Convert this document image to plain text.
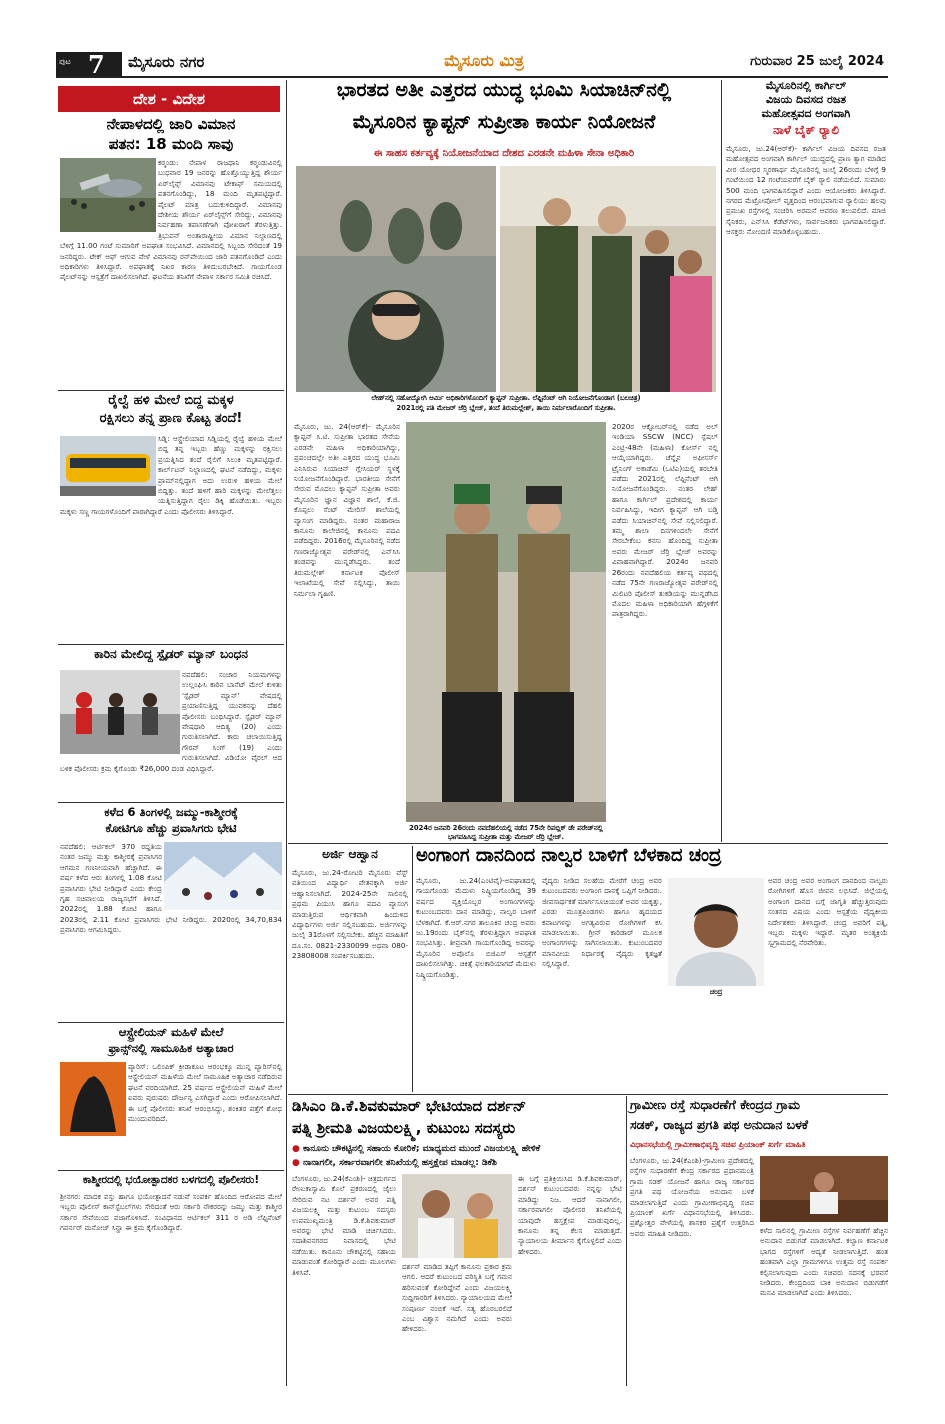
ಪುಟ 7 ಮೈಸೂರು ನಗರ	ಮೈಸೂರು ಮಿತ್ರ	ಗುರುವಾರ 25 ಜುಲೈ 2024
ದೇಶ - ವಿದೇಶ
ನೇಪಾಳದಲ್ಲಿ ಜಾರಿ ವಿಮಾನ
ಪತನ: 18 ಮಂದಿ ಸಾವು
ಕಠ್ಮಂಡು: ನೇಪಾಳ ರಾಜಧಾನಿ ಕಠ್ಮಂಡುವಿನಲ್ಲಿ ಬುಧವಾರ 19 ಜನರನ್ನು ಹೊತ್ತೊಯ್ಯುತ್ತಿದ್ದ ಶೌರ್ಯ ಏರ್‌ಲೈನ್ಸ್ ವಿಮಾನವು ಟೇಕಾಫ್ ಸಮಯದಲ್ಲಿ ಪತನಗೊಂಡಿದ್ದು, 18 ಮಂದಿ ಮೃತಪಟ್ಟಿದ್ದಾರೆ. ಪೈಲಟ್ ಮಾತ್ರ ಬದುಕುಳಿದಿದ್ದಾರೆ. ವಿಮಾನವು ದೇಶೀಯ ಶೌರ್ಯ ಏರ್‌ಲೈನ್ಸ್‌ಗೆ ಸೇರಿದ್ದು, ವಿಮಾನವು ನಿರ್ವಹಣಾ ತಪಾಸಣೆಗಾಗಿ ಪೋಖರಾಗೆ ತೆರಳುತ್ತಿತ್ತು. ತ್ರಿಭುವನ್ ಅಂತಾರಾಷ್ಟ್ರೀಯ ವಿಮಾನ ನಿಲ್ದಾಣದಲ್ಲಿ ಬೆಳಿಗ್ಗೆ 11.00 ಗಂಟೆ ಸುಮಾರಿಗೆ ಅಪಘಾತ ಸಂಭವಿಸಿದೆ. ವಿಮಾನದಲ್ಲಿ ಸಿಬ್ಬಂದಿ ಸೇರಿದಂತೆ 19 ಜನರಿದ್ದರು. ಟೇಕ್ ಆಫ್ ಆಗುವ ವೇಳೆ ವಿಮಾನವು ರನ್‌ವೇಯಿಂದ ಜಾರಿ ಪತನಗೊಂಡಿದೆ ಎಂದು ಅಧಿಕಾರಿಗಳು ತಿಳಿಸಿದ್ದಾರೆ. ಅಪಘಾತಕ್ಕೆ ನಿಖರ ಕಾರಣ ತಿಳಿದುಬರಬೇಕಿದೆ. ಗಾಯಗೊಂಡ ಪೈಲಟ್‌ನನ್ನು ಆಸ್ಪತ್ರೆಗೆ ದಾಖಲಿಸಲಾಗಿದೆ. ಘಟನೆಯ ತನಿಖೆಗೆ ನೇಪಾಳ ಸರ್ಕಾರ ಸಮಿತಿ ರಚಿಸಿದೆ.
ರೈಲ್ವೆ ಹಳಿ ಮೇಲೆ ಬಿದ್ದ ಮಕ್ಕಳ
ರಕ್ಷಿಸಲು ತನ್ನ ಪ್ರಾಣ ಕೊಟ್ಟ ತಂದೆ!
ಸಿಡ್ನಿ: ಆಸ್ಟ್ರೇಲಿಯಾದ ಸಿಡ್ನಿಯಲ್ಲಿ ರೈಲ್ವೆ ಹಳಿಯ ಮೇಲೆ ಬಿದ್ದ ತನ್ನ ಇಬ್ಬರು ಹೆಣ್ಣು ಮಕ್ಕಳನ್ನು ರಕ್ಷಿಸಲು ಪ್ರಯತ್ನಿಸಿದ ತಂದೆ ರೈಲಿಗೆ ಸಿಲುಕಿ ಮೃತಪಟ್ಟಿದ್ದಾರೆ. ಕಾರ್ಲ್‌ಟನ್ ನಿಲ್ದಾಣದಲ್ಲಿ ಘಟನೆ ನಡೆದಿದ್ದು, ಮಕ್ಕಳು ಪ್ರಾಮ್‌ನಲ್ಲಿದ್ದಾಗ ಅದು ಉರುಳಿ ಹಳಿಯ ಮೇಲೆ ಬಿದ್ದಿತ್ತು. ತಂದೆ ಹಳಿಗೆ ಹಾರಿ ಮಕ್ಕಳನ್ನು ಮೇಲೆತ್ತಲು ಯತ್ನಿಸುತ್ತಿದ್ದಾಗ ರೈಲು ಡಿಕ್ಕಿ ಹೊಡೆಯಿತು. ಇಬ್ಬರು ಮಕ್ಕಳು ಸಣ್ಣ ಗಾಯಗಳೊಂದಿಗೆ ಪಾರಾಗಿದ್ದಾರೆ ಎಂದು ಪೊಲೀಸರು ತಿಳಿಸಿದ್ದಾರೆ.
ಕಾರಿನ ಮೇಲಿದ್ದ ಸ್ಪೈಡರ್ ಮ್ಯಾನ್ ಬಂಧನ
ನವದೆಹಲಿ: ಸಂಚಾರ ನಿಯಮಗಳನ್ನು ಉಲ್ಲಂಘಿಸಿ ಕಾರಿನ ಬಾನೆಟ್ ಮೇಲೆ ಕುಳಿತು 'ಸ್ಪೈಡರ್ ಮ್ಯಾನ್' ವೇಷದಲ್ಲಿ ಪ್ರಯಾಣಿಸುತ್ತಿದ್ದ ಯುವಕನನ್ನು ದೆಹಲಿ ಪೊಲೀಸರು ಬಂಧಿಸಿದ್ದಾರೆ. ಸ್ಪೈಡರ್ ಮ್ಯಾನ್ ವೇಷಧಾರಿ ಆದಿತ್ಯ (20) ಎಂದು ಗುರುತಿಸಲಾಗಿದೆ. ಕಾರು ಚಲಾಯಿಸುತ್ತಿದ್ದ ಗೌರವ್ ಸಿಂಗ್ (19) ಎಂದು ಗುರುತಿಸಲಾಗಿದೆ. ವಿಡಿಯೋ ವೈರಲ್ ಆದ ಬಳಿಕ ಪೊಲೀಸರು ಕ್ರಮ ಕೈಗೊಂಡು ₹26,000 ದಂಡ ವಿಧಿಸಿದ್ದಾರೆ.
ಕಳೆದ 6 ತಿಂಗಳಲ್ಲಿ ಜಮ್ಮು-ಕಾಶ್ಮೀರಕ್ಕೆ
ಕೋಟಿಗೂ ಹೆಚ್ಚು ಪ್ರವಾಸಿಗರು ಭೇಟಿ
ನವದೆಹಲಿ: ಆರ್ಟಿಕಲ್ 370 ರದ್ದತಿಯ ನಂತರ ಜಮ್ಮು ಮತ್ತು ಕಾಶ್ಮೀರಕ್ಕೆ ಪ್ರವಾಸಿಗರ ಆಗಮನ ಗಣನೀಯವಾಗಿ ಹೆಚ್ಚಾಗಿದೆ. ಈ ವರ್ಷ ಕಳೆದ ಆರು ತಿಂಗಳಲ್ಲಿ 1.08 ಕೋಟಿ ಪ್ರವಾಸಿಗರು ಭೇಟಿ ನೀಡಿದ್ದಾರೆ ಎಂದು ಕೇಂದ್ರ ಗೃಹ ಸಚಿವಾಲಯ ರಾಜ್ಯಸಭೆಗೆ ತಿಳಿಸಿದೆ. 2022ರಲ್ಲಿ 1.88 ಕೋಟಿ ಹಾಗೂ 2023ರಲ್ಲಿ 2.11 ಕೋಟಿ ಪ್ರವಾಸಿಗರು ಭೇಟಿ ನೀಡಿದ್ದರು. 2020ರಲ್ಲಿ 34,70,834 ಪ್ರವಾಸಿಗರು ಆಗಮಿಸಿದ್ದರು.
ಆಸ್ಟ್ರೇಲಿಯನ್ ಮಹಿಳೆ ಮೇಲೆ
ಫ್ರಾನ್ಸ್‌ನಲ್ಲಿ ಸಾಮೂಹಿಕ ಅತ್ಯಾಚಾರ
ಪ್ಯಾರಿಸ್: ಒಲಿಂಪಿಕ್ ಕ್ರೀಡಾಕೂಟ ಆರಂಭಕ್ಕೂ ಮುನ್ನ ಪ್ಯಾರಿಸ್‌ನಲ್ಲಿ ಆಸ್ಟ್ರೇಲಿಯನ್ ಮಹಿಳೆಯ ಮೇಲೆ ಸಾಮೂಹಿಕ ಅತ್ಯಾಚಾರ ನಡೆದಿರುವ ಘಟನೆ ವರದಿಯಾಗಿದೆ. 25 ವರ್ಷದ ಆಸ್ಟ್ರೇಲಿಯನ್ ಮಹಿಳೆ ಮೇಲೆ ಐವರು ಪುರುಷರು ದೌರ್ಜನ್ಯ ಎಸಗಿದ್ದಾರೆ ಎಂದು ಆರೋಪಿಸಲಾಗಿದೆ. ಈ ಬಗ್ಗೆ ಪೊಲೀಸರು ತನಿಖೆ ಆರಂಭಿಸಿದ್ದು, ಶಂಕಿತರ ಪತ್ತೆಗೆ ಶೋಧ ಮುಂದುವರಿದಿದೆ.
ಕಾಶ್ಮೀರದಲ್ಲಿ ಭಯೋತ್ಪಾದಕರ ಬಳಗದಲ್ಲಿ ಪೊಲೀಸರು!
ಶ್ರೀನಗರ: ಮಾದಕ ವಸ್ತು ಹಾಗೂ ಭಯೋತ್ಪಾದನೆ ನಡುವೆ ಸಂಪರ್ಕ ಹೊಂದಿದ ಆರೋಪದ ಮೇಲೆ ಇಬ್ಬರು ಪೊಲೀಸ್ ಕಾನ್‌ಸ್ಟೆಬಲ್‌ಗಳು ಸೇರಿದಂತೆ ಆರು ಸರ್ಕಾರಿ ನೌಕರರನ್ನು ಜಮ್ಮು ಮತ್ತು ಕಾಶ್ಮೀರ ಸರ್ಕಾರ ಸೇವೆಯಿಂದ ವಜಾಗೊಳಿಸಿದೆ. ಸಂವಿಧಾನದ ಆರ್ಟಿಕಲ್ 311 ರ ಅಡಿ ಲೆಫ್ಟಿನೆಂಟ್ ಗವರ್ನರ್ ಮನೋಜ್ ಸಿನ್ಹಾ ಈ ಕ್ರಮ ಕೈಗೊಂಡಿದ್ದಾರೆ.
ಭಾರತದ ಅತೀ ಎತ್ತರದ ಯುದ್ಧ ಭೂಮಿ ಸಿಯಾಚಿನ್‌ನಲ್ಲಿ
ಮೈಸೂರಿನ ಕ್ಯಾಪ್ಟನ್ ಸುಪ್ರೀತಾ ಕಾರ್ಯ ನಿಯೋಜನೆ
ಈ ಸಾಹಸ ಕರ್ತವ್ಯಕ್ಕೆ ನಿಯೋಜನೆಯಾದ ದೇಶದ ಎರಡನೇ ಮಹಿಳಾ ಸೇನಾ ಅಧಿಕಾರಿ
ಲೇಹ್‌ನಲ್ಲಿ ಸಹೋದ್ಯೋಗಿ ಆರ್ಮಿ ಅಧಿಕಾರಿಗಳೊಂದಿಗೆ ಕ್ಯಾಪ್ಟನ್ ಸುಪ್ರೀತಾ. ಲೆಫ್ಟಿನೆಂಟ್ ಆಗಿ ನಿಯೋಜನೆಗೊಂಡಾಗ (ಬಲಚಿತ್ರ)
2021ರಲ್ಲಿ ಪತಿ ಮೇಜರ್ ಜೆರ್ರಿ ಬ್ಲೇಜ್, ತಂದೆ ತಿರುಮಲ್ಲೇಶ್, ತಾಯಿ ನಿರ್ಮಲಾರೊಂದಿಗೆ ಸುಪ್ರೀತಾ.
ಮೈಸೂರು, ಜು. 24(ಆರ್‌ಕೆ)- ಮೈಸೂರಿನ ಕ್ಯಾಪ್ಟನ್ ಸಿ.ಟಿ. ಸುಪ್ರೀತಾ ಭಾರತದ ಸೇನೆಯ ಎರಡನೇ ಮಹಿಳಾ ಅಧಿಕಾರಿಯಾಗಿದ್ದು, ಪ್ರಪಂಚದಲ್ಲೇ ಅತೀ ಎತ್ತರದ ಯುದ್ಧ ಭೂಮಿ ಎನಿಸಿರುವ ಸಿಯಾಚಿನ್ ಗ್ಲೇಸಿಯರ್ ಸ್ಥಳಕ್ಕೆ ನಿಯೋಜನೆಗೊಂಡಿದ್ದಾರೆ. ಭಾರತೀಯ ಸೇನೆಗೆ ಸೇರುವ ಮೊದಲು ಕ್ಯಾಪ್ಟನ್ ಸುಪ್ರೀತಾ ಅವರು ಮೈಸೂರಿನ ಜ್ಞಾನ ವಿಜ್ಞಾನ ಶಾಲೆ, ಕೆ.ಜಿ. ಕೊಪ್ಪಲು ಸೆಂಟ್ ಮೇರಿಸ್ ಶಾಲೆಯಲ್ಲಿ ವ್ಯಾಸಂಗ ಮಾಡಿದ್ದರು. ನಂತರ ಮಹಾರಾಜ ಕಾನೂನು ಕಾಲೇಜಿನಲ್ಲಿ ಕಾನೂನು ಪದವಿ ಪಡೆದಿದ್ದರು. 2016ರಲ್ಲಿ ಮೈಸೂರಿನಲ್ಲಿ ನಡೆದ ಗಣರಾಜ್ಯೋತ್ಸವ ಪರೇಡ್‌ನಲ್ಲಿ ಎನ್‌ಸಿಸಿ ತಂಡವನ್ನು ಮುನ್ನಡೆಸಿದ್ದರು. ತಂದೆ ತಿರುಮಲ್ಲೇಶ್ ಕರ್ನಾಟಕ ಪೊಲೀಸ್ ಇಲಾಖೆಯಲ್ಲಿ ಸೇವೆ ಸಲ್ಲಿಸಿದ್ದು, ತಾಯಿ ನಿರ್ಮಲಾ ಗೃಹಿಣಿ.
2024ರ ಜನವರಿ 26ರಂದು ನವದೆಹಲಿಯಲ್ಲಿ ನಡೆದ 75ನೇ ರಿಪಬ್ಲಿಕ್ ಡೇ ಪರೇಡ್‌ನಲ್ಲಿ ಭಾಗವಹಿಸಿದ್ದ ಸುಪ್ರೀತಾ ಮತ್ತು ಮೇಜರ್ ಜೆರ್ರಿ ಬ್ಲೇಜ್.
2020ರ ಆಕ್ಟೋಬರ್‌ನಲ್ಲಿ ನಡೆದ ಅಲ್ ಇಂಡಿಯಾ SSCW (NCC) ಸ್ಪೆಷಲ್ ಎಂಟ್ರಿ-48ನೇ (ಮಹಿಳಾ) ಕೋರ್ಸ್ ನಲ್ಲಿ ಆಯ್ಕೆಯಾಗಿದ್ದರು. ಚೆನ್ನೈನ ಅಫೀಸರ್ಸ್ ಟ್ರೈನಿಂಗ್ ಅಕಾಡೆಮಿ (ಒಟಿಎ)ಯಲ್ಲಿ ತರಬೇತಿ ಪಡೆದು 2021ರಲ್ಲಿ ಲೆಫ್ಟಿನೆಂಟ್ ಆಗಿ ನಿಯೋಜನೆಗೊಂಡಿದ್ದರು. ನಂತರ ಲೇಹ್ ಹಾಗೂ ಕಾರ್ಗಿಲ್ ಪ್ರದೇಶದಲ್ಲಿ ಕಾರ್ಯ ನಿರ್ವಹಿಸಿದ್ದು, ಇದೀಗ ಕ್ಯಾಪ್ಟನ್ ಆಗಿ ಬಡ್ತಿ ಪಡೆದು ಸಿಯಾಚಿನ್‌ನಲ್ಲಿ ಸೇವೆ ಸಲ್ಲಿಸಲಿದ್ದಾರೆ. ತಮ್ಮ ಶಾಲಾ ದಿನಗಳಿಂದಲೇ ಸೇನೆಗೆ ಸೇರಬೇಕೆಂಬ ಕನಸು ಹೊಂದಿದ್ದ ಸುಪ್ರೀತಾ ಅವರು ಮೇಜರ್ ಜೆರ್ರಿ ಬ್ಲೇಜ್ ಅವರನ್ನು ವಿವಾಹವಾಗಿದ್ದಾರೆ. 2024ರ ಜನವರಿ 26ರಂದು ನವದೆಹಲಿಯ ಕರ್ತವ್ಯ ಪಥದಲ್ಲಿ ನಡೆದ 75ನೇ ಗಣರಾಜ್ಯೋತ್ಸವ ಪರೇಡ್‌ನಲ್ಲಿ ಮಿಲಿಟರಿ ಪೊಲೀಸ್ ತುಕಡಿಯನ್ನು ಮುನ್ನಡೆಸಿದ ಮೊದಲ ಮಹಿಳಾ ಅಧಿಕಾರಿಯಾಗಿ ಹೆಗ್ಗಳಿಕೆಗೆ ಪಾತ್ರರಾಗಿದ್ದರು.
ಮೈಸೂರಿನಲ್ಲಿ ಕಾರ್ಗಿಲ್
ವಿಜಯ ದಿವಸದ ರಜತ
ಮಹೋತ್ಸವದ ಅಂಗವಾಗಿ
ನಾಳೆ ಬೈಕ್ ರ‍್ಯಾಲಿ
ಮೈಸೂರು, ಜು.24(ಆರ್‌ಕೆ)- ಕಾರ್ಗಿಲ್ ವಿಜಯ ದಿವಸದ ರಜತ ಮಹೋತ್ಸವದ ಅಂಗವಾಗಿ ಕಾರ್ಗಿಲ್ ಯುದ್ಧದಲ್ಲಿ ಪ್ರಾಣ ತ್ಯಾಗ ಮಾಡಿದ ವೀರ ಯೋಧರ ಸ್ಮರಣಾರ್ಥ ಮೈಸೂರಿನಲ್ಲಿ ಜುಲೈ 26ರಂದು ಬೆಳಿಗ್ಗೆ 9 ಗಂಟೆಯಿಂದ 12 ಗಂಟೆಯವರೆಗೆ ಬೈಕ್ ರ‍್ಯಾಲಿ ನಡೆಯಲಿದೆ. ಸುಮಾರು 500 ಮಂದಿ ಭಾಗವಹಿಸಲಿದ್ದಾರೆ ಎಂದು ಆಯೋಜಕರು ತಿಳಿಸಿದ್ದಾರೆ. ನಗರದ ಮೆಟ್ರೋಪೋಲ್ ವೃತ್ತದಿಂದ ಆರಂಭವಾಗುವ ರ‍್ಯಾಲಿಯು ಹಲವು ಪ್ರಮುಖ ರಸ್ತೆಗಳಲ್ಲಿ ಸಂಚರಿಸಿ ಅರಮನೆ ಆವರಣ ತಲುಪಲಿದೆ. ಮಾಜಿ ಸೈನಿಕರು, ಎನ್‌ಸಿಸಿ ಕೆಡೆಟ್‌ಗಳು, ಸಾರ್ವಜನಿಕರು ಭಾಗವಹಿಸಲಿದ್ದಾರೆ. ಆಸಕ್ತರು ನೋಂದಣಿ ಮಾಡಿಕೊಳ್ಳಬಹುದು.
ಅರ್ಜಿ ಆಹ್ವಾನ
ಮೈಸೂರು, ಜು.24-ರೋಟರಿ ಮೈಸೂರು ವೆಸ್ಟ್ ವತಿಯಿಂದ ವಿದ್ಯಾರ್ಥಿ ವೇತನಕ್ಕಾಗಿ ಅರ್ಜಿ ಆಹ್ವಾನಿಸಲಾಗಿದೆ. 2024-25ನೇ ಸಾಲಿನಲ್ಲಿ ಪ್ರಥಮ ಪಿಯುಸಿ ಹಾಗೂ ಪದವಿ ವ್ಯಾಸಂಗ ಮಾಡುತ್ತಿರುವ ಆರ್ಥಿಕವಾಗಿ ಹಿಂದುಳಿದ ವಿದ್ಯಾರ್ಥಿಗಳು ಅರ್ಜಿ ಸಲ್ಲಿಸಬಹುದು. ಅರ್ಜಿಗಳನ್ನು ಜುಲೈ 31ರೊಳಗೆ ಸಲ್ಲಿಸಬೇಕು. ಹೆಚ್ಚಿನ ಮಾಹಿತಿಗೆ ದೂ.ಸಂ. 0821-2330099 ಅಥವಾ 080-23808008 ಸಂಪರ್ಕಿಸಬಹುದು.
ಅಂಗಾಂಗ ದಾನದಿಂದ ನಾಲ್ವರ ಬಾಳಿಗೆ ಬೆಳಕಾದ ಚಂದ್ರ
ಮೈಸೂರು, ಜು.24(ಎಂಟಿವೈ)-ಅಪಘಾತದಲ್ಲಿ ಗಾಯಗೊಂಡು ಮೆದುಳು ನಿಷ್ಕ್ರಿಯಗೊಂಡಿದ್ದ 39 ವರ್ಷದ ವ್ಯಕ್ತಿಯೊಬ್ಬರ ಅಂಗಾಂಗಗಳನ್ನು ಕುಟುಂಬದವರು ದಾನ ಮಾಡಿದ್ದು, ನಾಲ್ವರ ಬಾಳಿಗೆ ಬೆಳಕಾಗಿದೆ. ಕೆ.ಆರ್.ನಗರ ತಾಲೂಕಿನ ಚಂದ್ರ ಅವರು ಜು.19ರಂದು ಬೈಕ್‌ನಲ್ಲಿ ತೆರಳುತ್ತಿದ್ದಾಗ ಅಪಘಾತ ಸಂಭವಿಸಿತ್ತು. ತೀವ್ರವಾಗಿ ಗಾಯಗೊಂಡಿದ್ದ ಅವರನ್ನು ಮೈಸೂರಿನ ಅಪೊಲೊ ಬಿಜಿಎಸ್ ಆಸ್ಪತ್ರೆಗೆ ದಾಖಲಿಸಲಾಗಿತ್ತು. ಚಿಕಿತ್ಸೆ ಫಲಕಾರಿಯಾಗದೆ ಮೆದುಳು ನಿಷ್ಕ್ರಿಯಗೊಂಡಿತ್ತು.
ವೈದ್ಯರು ನೀಡಿದ ಸಲಹೆಯ ಮೇರೆಗೆ ಚಂದ್ರ ಅವರ ಕುಟುಂಬದವರು ಅಂಗಾಂಗ ದಾನಕ್ಕೆ ಒಪ್ಪಿಗೆ ನೀಡಿದರು. ಜೀವಸಾರ್ಥಕತೆ ಮಾರ್ಗಸೂಚಿಯಂತೆ ಅವರ ಯಕೃತ್ತು, ಎರಡು ಮೂತ್ರಪಿಂಡಗಳು ಹಾಗೂ ಹೃದಯದ ಕವಾಟಗಳನ್ನು ಅಗತ್ಯವಿರುವ ರೋಗಿಗಳಿಗೆ ಕಸಿ ಮಾಡಲಾಯಿತು. ಗ್ರೀನ್ ಕಾರಿಡಾರ್ ಮೂಲಕ ಅಂಗಾಂಗಗಳನ್ನು ಸಾಗಿಸಲಾಯಿತು. ಕುಟುಂಬದವರ ಮಾನವೀಯ ನಿರ್ಧಾರಕ್ಕೆ ವೈದ್ಯರು ಕೃತಜ್ಞತೆ ಸಲ್ಲಿಸಿದ್ದಾರೆ.
ಚಂದ್ರ
ಅವರ ಚಂದ್ರ ಅವರ ಅಂಗಾಂಗ ದಾನದಿಂದ ನಾಲ್ವರು ರೋಗಿಗಳಿಗೆ ಹೊಸ ಜೀವನ ಲಭಿಸಿದೆ. ಜಿಲ್ಲೆಯಲ್ಲಿ ಅಂಗಾಂಗ ದಾನದ ಬಗ್ಗೆ ಜಾಗೃತಿ ಹೆಚ್ಚುತ್ತಿರುವುದು ಸಂತಸದ ವಿಷಯ ಎಂದು ಆಸ್ಪತ್ರೆಯ ವೈದ್ಯಕೀಯ ನಿರ್ದೇಶಕರು ತಿಳಿಸಿದ್ದಾರೆ. ಚಂದ್ರ ಅವರಿಗೆ ಪತ್ನಿ, ಇಬ್ಬರು ಮಕ್ಕಳು ಇದ್ದಾರೆ. ಮೃತರ ಅಂತ್ಯಕ್ರಿಯೆ ಸ್ವಗ್ರಾಮದಲ್ಲಿ ನೆರವೇರಿತು.
ಡಿಸಿಎಂ ಡಿ.ಕೆ.ಶಿವಕುಮಾರ್ ಭೇಟಿಯಾದ ದರ್ಶನ್
ಪತ್ನಿ ಶ್ರೀಮತಿ ವಿಜಯಲಕ್ಷ್ಮಿ, ಕುಟುಂಬ ಸದಸ್ಯರು
● ಕಾನೂನು ಚೌಕಟ್ಟಿನಲ್ಲಿ ಸಹಾಯ ಕೋರಿಕೆ; ಮಾಧ್ಯಮದ ಮುಂದೆ ವಿಜಯಲಕ್ಷ್ಮಿ ಹೇಳಿಕೆ
● ನಾನಾಗಲೀ, ಸರ್ಕಾರವಾಗಲೀ ತನಿಖೆಯಲ್ಲಿ ಹಸ್ತಕ್ಷೇಪ ಮಾಡಲ್ಲ: ಡಿಕೆಶಿ
ಬೆಂಗಳೂರು, ಜು.24(ಕೆಎಂಶಿ)- ಚಿತ್ರದುರ್ಗದ ರೇಣುಕಾಸ್ವಾಮಿ ಕೊಲೆ ಪ್ರಕರಣದಲ್ಲಿ ಜೈಲು ಸೇರಿರುವ ನಟ ದರ್ಶನ್ ಅವರ ಪತ್ನಿ ವಿಜಯಲಕ್ಷ್ಮಿ ಮತ್ತು ಕುಟುಂಬ ಸದಸ್ಯರು ಉಪಮುಖ್ಯಮಂತ್ರಿ ಡಿ.ಕೆ.ಶಿವಕುಮಾರ್ ಅವರನ್ನು ಭೇಟಿ ಮಾಡಿ ಚರ್ಚಿಸಿದರು. ಸದಾಶಿವನಗರದ ನಿವಾಸದಲ್ಲಿ ಭೇಟಿ ನಡೆಯಿತು. ಕಾನೂನು ಚೌಕಟ್ಟಿನಲ್ಲಿ ಸಹಾಯ ಮಾಡುವಂತೆ ಕೋರಿದ್ದಾರೆ ಎಂದು ಮೂಲಗಳು ತಿಳಿಸಿವೆ.
ದರ್ಶನ್ ಮಾಡಿದ ತಪ್ಪಿಗೆ ಕಾನೂನು ಪ್ರಕಾರ ಕ್ರಮ ಆಗಲಿ. ಆದರೆ ಕುಟುಂಬದ ಪರಿಸ್ಥಿತಿ ಬಗ್ಗೆ ಗಮನ ಹರಿಸುವಂತೆ ಕೋರಿದ್ದೇವೆ ಎಂದು ವಿಜಯಲಕ್ಷ್ಮಿ ಸುದ್ದಿಗಾರರಿಗೆ ತಿಳಿಸಿದರು. ನ್ಯಾಯಾಲಯದ ಮೇಲೆ ಸಂಪೂರ್ಣ ನಂಬಿಕೆ ಇದೆ. ಸತ್ಯ ಹೊರಬರಲಿದೆ ಎಂಬ ವಿಶ್ವಾಸ ನಮಗಿದೆ ಎಂದು ಅವರು ಹೇಳಿದರು.
ಈ ಬಗ್ಗೆ ಪ್ರತಿಕ್ರಿಯಿಸಿದ ಡಿ.ಕೆ.ಶಿವಕುಮಾರ್, ದರ್ಶನ್ ಕುಟುಂಬದವರು ನನ್ನನ್ನು ಭೇಟಿ ಮಾಡಿದ್ದು ನಿಜ. ಆದರೆ ನಾನಾಗಲೀ, ಸರ್ಕಾರವಾಗಲೀ ಪೊಲೀಸರ ತನಿಖೆಯಲ್ಲಿ ಯಾವುದೇ ಹಸ್ತಕ್ಷೇಪ ಮಾಡುವುದಿಲ್ಲ. ಕಾನೂನು ತನ್ನ ಕೆಲಸ ಮಾಡುತ್ತದೆ. ನ್ಯಾಯಾಲಯ ತೀರ್ಮಾನ ಕೈಗೊಳ್ಳಲಿದೆ ಎಂದು ಹೇಳಿದರು.
ಗ್ರಾಮೀಣ ರಸ್ತೆ ಸುಧಾರಣೆಗೆ ಕೇಂದ್ರದ ಗ್ರಾಮ
ಸಡಕ್, ರಾಜ್ಯದ ಪ್ರಗತಿ ಪಥ ಅನುದಾನ ಬಳಕೆ
ವಿಧಾನಸಭೆಯಲ್ಲಿ ಗ್ರಾಮೀಣಾಭಿವೃದ್ಧಿ ಸಚಿವ ಪ್ರಿಯಾಂಕ್ ಖರ್ಗೆ ಮಾಹಿತಿ
ಬೆಂಗಳೂರು, ಜು.24(ಕೆಎಂಶಿ)-ಗ್ರಾಮೀಣ ಪ್ರದೇಶದಲ್ಲಿ ರಸ್ತೆಗಳ ಸುಧಾರಣೆಗೆ ಕೇಂದ್ರ ಸರ್ಕಾರದ ಪ್ರಧಾನಮಂತ್ರಿ ಗ್ರಾಮ ಸಡಕ್ ಯೋಜನೆ ಹಾಗೂ ರಾಜ್ಯ ಸರ್ಕಾರದ ಪ್ರಗತಿ ಪಥ ಯೋಜನೆಯ ಅನುದಾನ ಬಳಕೆ ಮಾಡಲಾಗುತ್ತಿದೆ ಎಂದು ಗ್ರಾಮೀಣಾಭಿವೃದ್ಧಿ ಸಚಿವ ಪ್ರಿಯಾಂಕ್ ಖರ್ಗೆ ವಿಧಾನಸಭೆಯಲ್ಲಿ ತಿಳಿಸಿದರು. ಪ್ರಶ್ನೋತ್ತರ ವೇಳೆಯಲ್ಲಿ ಶಾಸಕರ ಪ್ರಶ್ನೆಗೆ ಉತ್ತರಿಸಿದ ಅವರು ಮಾಹಿತಿ ನೀಡಿದರು.	ಕಳೆದ ಸಾಲಿನಲ್ಲಿ ಗ್ರಾಮೀಣ ರಸ್ತೆಗಳ ನಿರ್ವಹಣೆಗೆ ಹೆಚ್ಚಿನ ಅನುದಾನ ಬಿಡುಗಡೆ ಮಾಡಲಾಗಿದೆ. ಕಲ್ಯಾಣ ಕರ್ನಾಟಕ ಭಾಗದ ರಸ್ತೆಗಳಿಗೆ ಆದ್ಯತೆ ನೀಡಲಾಗುತ್ತಿದೆ. ಹಂತ ಹಂತವಾಗಿ ಎಲ್ಲಾ ಗ್ರಾಮಗಳಿಗೂ ಉತ್ತಮ ರಸ್ತೆ ಸಂಪರ್ಕ ಕಲ್ಪಿಸಲಾಗುವುದು ಎಂದು ಸಚಿವರು ಸದನಕ್ಕೆ ಭರವಸೆ ನೀಡಿದರು. ಕೇಂದ್ರದಿಂದ ಬಾಕಿ ಅನುದಾನ ಬಿಡುಗಡೆಗೆ ಮನವಿ ಮಾಡಲಾಗಿದೆ ಎಂದು ತಿಳಿಸಿದರು.
